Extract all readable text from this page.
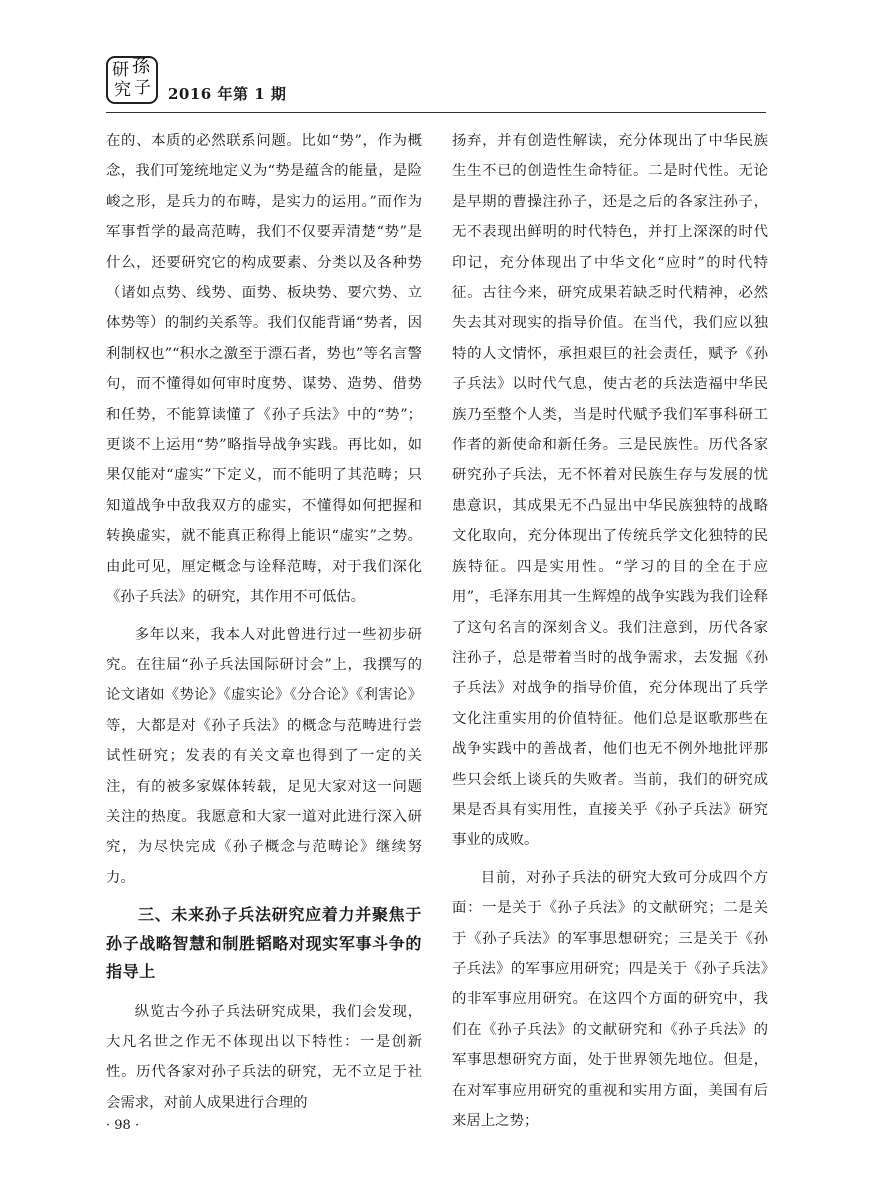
研 孫
究 子 2016 年第 1 期

在的、本质的必然联系问题。比如“势”，作为概念，我们可笼统地定义为“势是蕴含的能量，是险峻之形，是兵力的布畴，是实力的运用。”而作为军事哲学的最高范畴，我们不仅要弄清楚“势”是什么，还要研究它的构成要素、分类以及各种势（诸如点势、线势、面势、板块势、要穴势、立体势等）的制约关系等。我们仅能背诵“势者，因利制权也”“积水之激至于漂石者，势也”等名言警句，而不懂得如何审时度势、谋势、造势、借势和任势，不能算读懂了《孙子兵法》中的“势”；更谈不上运用“势”略指导战争实践。再比如，如果仅能对“虚实”下定义，而不能明了其范畴；只知道战争中敌我双方的虚实，不懂得如何把握和转换虚实，就不能真正称得上能识“虚实”之势。由此可见，厘定概念与诠释范畴，对于我们深化《孙子兵法》的研究，其作用不可低估。

多年以来，我本人对此曾进行过一些初步研究。在往届“孙子兵法国际研讨会”上，我撰写的论文诸如《势论》《虚实论》《分合论》《利害论》等，大都是对《孙子兵法》的概念与范畴进行尝试性研究；发表的有关文章也得到了一定的关注，有的被多家媒体转载，足见大家对这一问题关注的热度。我愿意和大家一道对此进行深入研究，为尽快完成《孙子概念与范畴论》继续努力。

三、未来孙子兵法研究应着力并聚焦于孙子战略智慧和制胜韬略对现实军事斗争的指导上

纵览古今孙子兵法研究成果，我们会发现，大凡名世之作无不体现出以下特性：一是创新性。历代各家对孙子兵法的研究，无不立足于社会需求，对前人成果进行合理的

扬弃，并有创造性解读，充分体现出了中华民族生生不已的创造性生命特征。二是时代性。无论是早期的曹操注孙子，还是之后的各家注孙子，无不表现出鲜明的时代特色，并打上深深的时代印记，充分体现出了中华文化“应时”的时代特征。古往今来，研究成果若缺乏时代精神，必然失去其对现实的指导价值。在当代，我们应以独特的人文情怀，承担艰巨的社会责任，赋予《孙子兵法》以时代气息，使古老的兵法造福中华民族乃至整个人类，当是时代赋予我们军事科研工作者的新使命和新任务。三是民族性。历代各家研究孙子兵法，无不怀着对民族生存与发展的忧患意识，其成果无不凸显出中华民族独特的战略文化取向，充分体现出了传统兵学文化独特的民族特征。四是实用性。“学习的目的全在于应用”，毛泽东用其一生辉煌的战争实践为我们诠释了这句名言的深刻含义。我们注意到，历代各家注孙子，总是带着当时的战争需求，去发掘《孙子兵法》对战争的指导价值，充分体现出了兵学文化注重实用的价值特征。他们总是讴歌那些在战争实践中的善战者，他们也无不例外地批评那些只会纸上谈兵的失败者。当前，我们的研究成果是否具有实用性，直接关乎《孙子兵法》研究事业的成败。

目前，对孙子兵法的研究大致可分成四个方面：一是关于《孙子兵法》的文献研究；二是关于《孙子兵法》的军事思想研究；三是关于《孙子兵法》的军事应用研究；四是关于《孙子兵法》的非军事应用研究。在这四个方面的研究中，我们在《孙子兵法》的文献研究和《孙子兵法》的军事思想研究方面，处于世界领先地位。但是，在对军事应用研究的重视和实用方面，美国有后来居上之势；

· 98 ·
